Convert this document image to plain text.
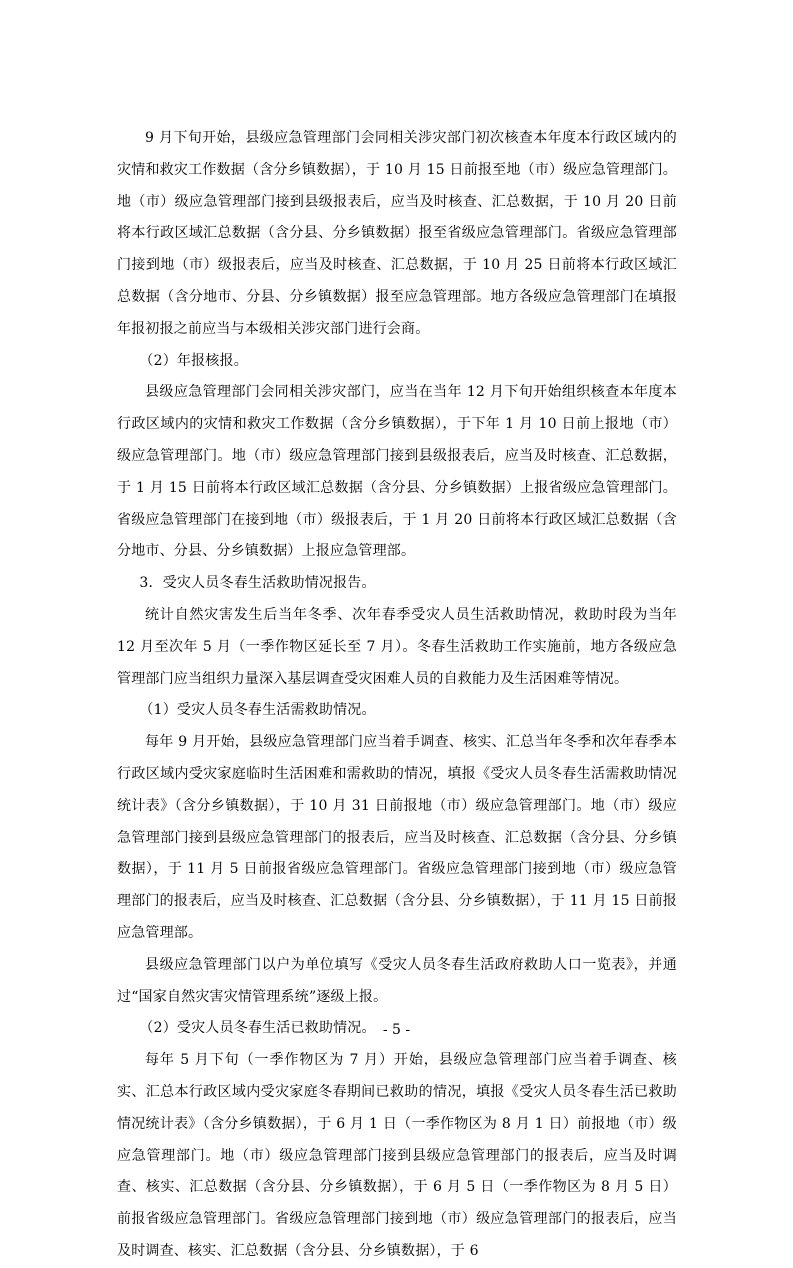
9 月下旬开始，县级应急管理部门会同相关涉灾部门初次核查本年度本行政区域内的灾情和救灾工作数据（含分乡镇数据），于 10 月 15 日前报至地（市）级应急管理部门。地（市）级应急管理部门接到县级报表后，应当及时核查、汇总数据，于 10 月 20 日前将本行政区域汇总数据（含分县、分乡镇数据）报至省级应急管理部门。省级应急管理部门接到地（市）级报表后，应当及时核查、汇总数据，于 10 月 25 日前将本行政区域汇总数据（含分地市、分县、分乡镇数据）报至应急管理部。地方各级应急管理部门在填报年报初报之前应当与本级相关涉灾部门进行会商。

（2）年报核报。

县级应急管理部门会同相关涉灾部门，应当在当年 12 月下旬开始组织核查本年度本行政区域内的灾情和救灾工作数据（含分乡镇数据），于下年 1 月 10 日前上报地（市）级应急管理部门。地（市）级应急管理部门接到县级报表后，应当及时核查、汇总数据，于 1 月 15 日前将本行政区域汇总数据（含分县、分乡镇数据）上报省级应急管理部门。省级应急管理部门在接到地（市）级报表后，于 1 月 20 日前将本行政区域汇总数据（含分地市、分县、分乡镇数据）上报应急管理部。

3．受灾人员冬春生活救助情况报告。

统计自然灾害发生后当年冬季、次年春季受灾人员生活救助情况，救助时段为当年 12 月至次年 5 月（一季作物区延长至 7 月）。冬春生活救助工作实施前，地方各级应急管理部门应当组织力量深入基层调查受灾困难人员的自救能力及生活困难等情况。

（1）受灾人员冬春生活需救助情况。

每年 9 月开始，县级应急管理部门应当着手调查、核实、汇总当年冬季和次年春季本行政区域内受灾家庭临时生活困难和需救助的情况，填报《受灾人员冬春生活需救助情况统计表》（含分乡镇数据），于 10 月 31 日前报地（市）级应急管理部门。地（市）级应急管理部门接到县级应急管理部门的报表后，应当及时核查、汇总数据（含分县、分乡镇数据），于 11 月 5 日前报省级应急管理部门。省级应急管理部门接到地（市）级应急管理部门的报表后，应当及时核查、汇总数据（含分县、分乡镇数据），于 11 月 15 日前报应急管理部。

县级应急管理部门以户为单位填写《受灾人员冬春生活政府救助人口一览表》，并通过“国家自然灾害灾情管理系统”逐级上报。

（2）受灾人员冬春生活已救助情况。

每年 5 月下旬（一季作物区为 7 月）开始，县级应急管理部门应当着手调查、核实、汇总本行政区域内受灾家庭冬春期间已救助的情况，填报《受灾人员冬春生活已救助情况统计表》（含分乡镇数据），于 6 月 1 日（一季作物区为 8 月 1 日）前报地（市）级应急管理部门。地（市）级应急管理部门接到县级应急管理部门的报表后，应当及时调查、核实、汇总数据（含分县、分乡镇数据），于 6 月 5 日（一季作物区为 8 月 5 日）前报省级应急管理部门。省级应急管理部门接到地（市）级应急管理部门的报表后，应当及时调查、核实、汇总数据（含分县、分乡镇数据），于 6

- 5 -
